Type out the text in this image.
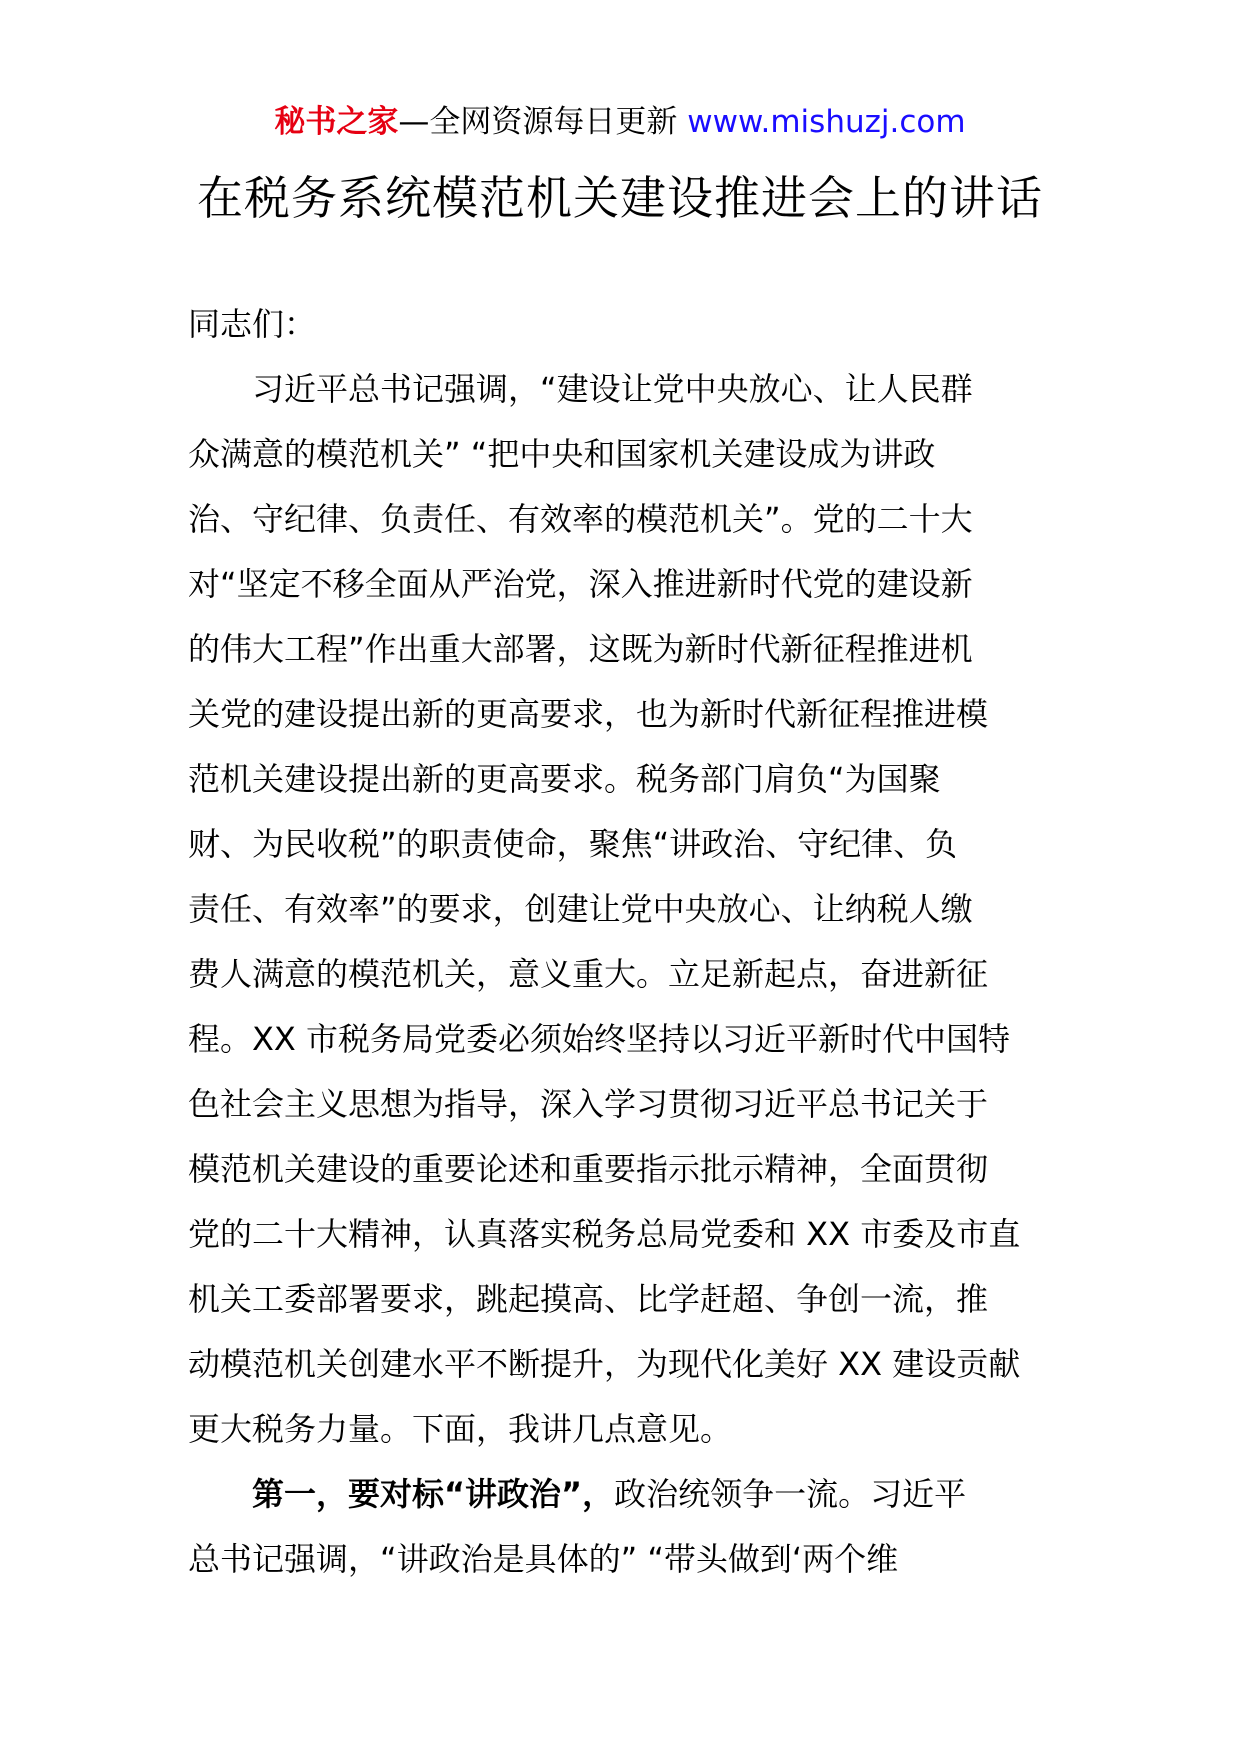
秘书之家—全网资源每日更新 www.mishuzj.com
在税务系统模范机关建设推进会上的讲话
同志们：
习近平总书记强调，“建设让党中央放心、让人民群
众满意的模范机关” “把中央和国家机关建设成为讲政
治、守纪律、负责任、有效率的模范机关”。党的二十大
对“坚定不移全面从严治党，深入推进新时代党的建设新
的伟大工程”作出重大部署，这既为新时代新征程推进机
关党的建设提出新的更高要求，也为新时代新征程推进模
范机关建设提出新的更高要求。税务部门肩负“为国聚
财、为民收税”的职责使命，聚焦“讲政治、守纪律、负
责任、有效率”的要求，创建让党中央放心、让纳税人缴
费人满意的模范机关，意义重大。立足新起点，奋进新征
程。XX 市税务局党委必须始终坚持以习近平新时代中国特
色社会主义思想为指导，深入学习贯彻习近平总书记关于
模范机关建设的重要论述和重要指示批示精神，全面贯彻
党的二十大精神，认真落实税务总局党委和 XX 市委及市直
机关工委部署要求，跳起摸高、比学赶超、争创一流，推
动模范机关创建水平不断提升，为现代化美好 XX 建设贡献
更大税务力量。下面，我讲几点意见。
第一，要对标“讲政治”，政治统领争一流。习近平
总书记强调，“讲政治是具体的” “带头做到‘两个维
